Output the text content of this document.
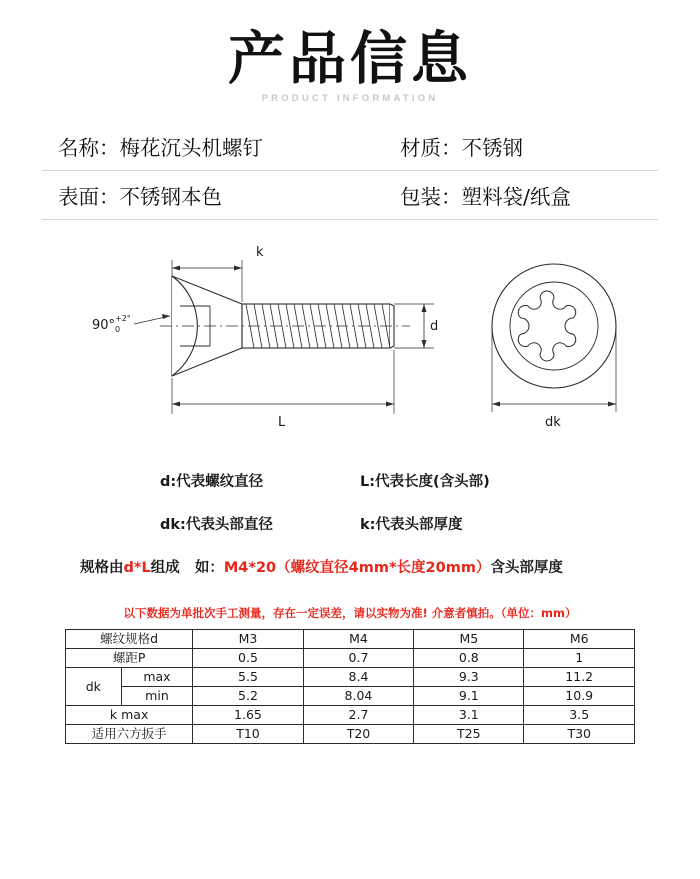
产品信息
PRODUCT INFORMATION
名称： 梅花沉头机螺钉	材质： 不锈钢
表面： 不锈钢本色	包装： 塑料袋/纸盒
k
d
L	dk
90° +2°
0
d:代表螺纹直径	L:代表长度(含头部)
dk:代表头部直径	k:代表头部厚度
规格由d*L组成 如：M4*20（螺纹直径4mm*长度20mm）含头部厚度
以下数据为单批次手工测量，存在一定误差，请以实物为准! 介意者慎拍。（单位：mm）
螺纹规格d		M3	M4	M5	M6
螺距P		0.5	0.7	0.8	1
dk	max	5.5	8.4	9.3	11.2
	min	5.2	8.04	9.1	10.9
k max		1.65	2.7	3.1	3.5
适用六方扳手		T10	T20	T25	T30
